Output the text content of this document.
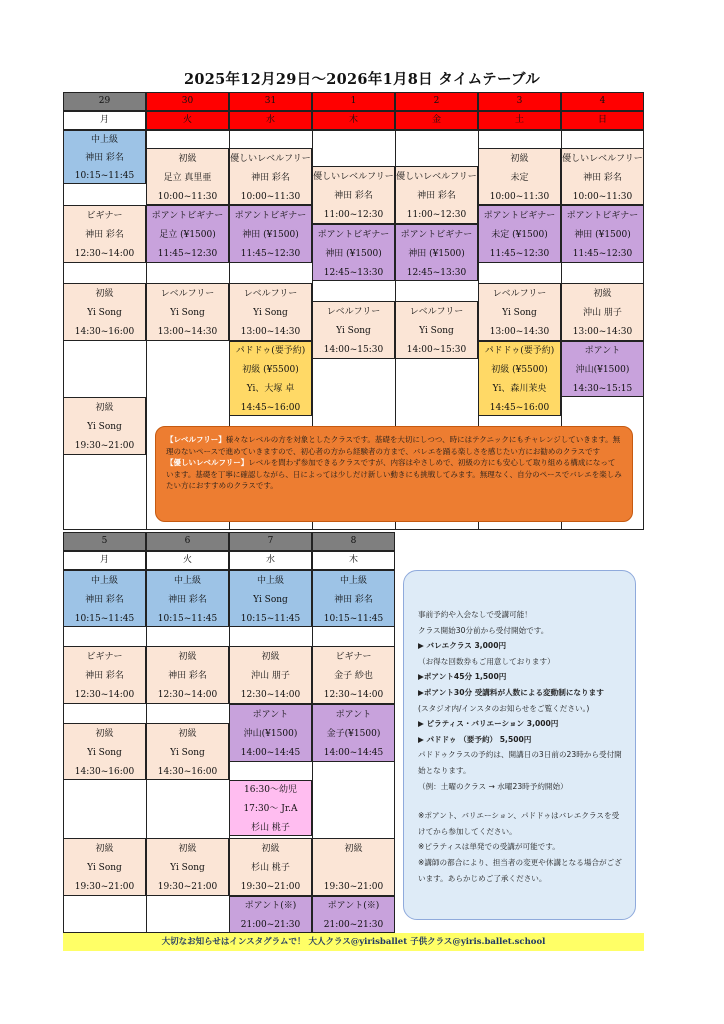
2025年12月29日～2026年1月8日 タイムテーブル
29
月
30
火
31
水
1
木
2
金
3
土
4
日
中上級
神田 彩名
10:15~11:45
初級
足立 真里亜
10:00~11:30
優しいレベルフリー
神田 彩名
10:00~11:30
優しいレベルフリー
神田 彩名
11:00~12:30
優しいレベルフリー
神田 彩名
11:00~12:30
初級
未定
10:00~11:30
優しいレベルフリー
神田 彩名
10:00~11:30
ビギナー
神田 彩名
12:30~14:00
ポアントビギナー
足立 (¥1500)
11:45~12:30
ポアントビギナー
神田 (¥1500)
11:45~12:30
ポアントビギナー
神田 (¥1500)
12:45~13:30
ポアントビギナー
神田 (¥1500)
12:45~13:30
ポアントビギナー
未定 (¥1500)
11:45~12:30
ポアントビギナー
神田 (¥1500)
11:45~12:30
初級
Yi Song
14:30~16:00
レベルフリー
Yi Song
13:00~14:30
レベルフリー
Yi Song
13:00~14:30
レベルフリー
Yi Song
14:00~15:30
レベルフリー
Yi Song
14:00~15:30
レベルフリー
Yi Song
13:00~14:30
初級
沖山 朋子
13:00~14:30
パドドゥ(要予約)
初級 (¥5500)
Yi、大塚 卓
14:45~16:00
パドドゥ(要予約)
初級 (¥5500)
Yi、森川茉央
14:45~16:00
ポアント
沖山(¥1500)
14:30~15:15
初級
Yi Song
19:30~21:00
【レベルフリー】様々なレベルの方を対象としたクラスです。基礎を大切にしつつ、時にはテクニックにもチャレンジしていきます。無理のないペースで進めていきますので、初心者の方から経験者の方まで、バレエを踊る楽しさを感じたい方にお勧めのクラスです
【優しいレベルフリー】レベルを問わず参加できるクラスですが、内容はやさしめで、初級の方にも安心して取り組める構成になっています。基礎を丁寧に確認しながら、日によっては少しだけ新しい動きにも挑戦してみます。無理なく、自分のペースでバレエを楽しみたい方におすすめのクラスです。
5
月
6
火
7
水
8
木
中上級
神田 彩名
10:15~11:45
中上級
神田 彩名
10:15~11:45
中上級
Yi Song
10:15~11:45
中上級
神田 彩名
10:15~11:45
ビギナー
神田 彩名
12:30~14:00
初級
神田 彩名
12:30~14:00
初級
沖山 朋子
12:30~14:00
ビギナー
金子 紗也
12:30~14:00
ポアント
沖山(¥1500)
14:00~14:45
ポアント
金子(¥1500)
14:00~14:45
初級
Yi Song
14:30~16:00
初級
Yi Song
14:30~16:00
16:30～幼児
17:30～ Jr.A
杉山 桃子
初級
Yi Song
19:30~21:00
初級
Yi Song
19:30~21:00
初級
杉山 桃子
19:30~21:00
初級
19:30~21:00
ポアント(※)
21:00~21:30
ポアント(※)
21:00~21:30

事前予約や入会なしで受講可能！

クラス開始30分前から受付開始です。

▶ バレエクラス 3,000円

（お得な回数券もご用意しております）

▶ポアント45分 1,500円

▶ポアント30分 受講料が人数による変動制になります

(スタジオ内/インスタのお知らせをご覧ください。)

▶ ピラティス・バリエーション 3,000円

▶ パドドゥ （要予約） 5,500円

パドドゥクラスの予約は、開講日の3日前の23時から受付開始となります。

（例：土曜のクラス → 水曜23時予約開始）

※ポアント、バリエーション、パドドゥはバレエクラスを受けてから参加してください。

※ピラティスは単発での受講が可能です。

※講師の都合により、担当者の変更や休講となる場合がございます。あらかじめご了承ください。

大切なお知らせはインスタグラムで！ 大人クラス@yirisballet 子供クラス@yiris.ballet.school
